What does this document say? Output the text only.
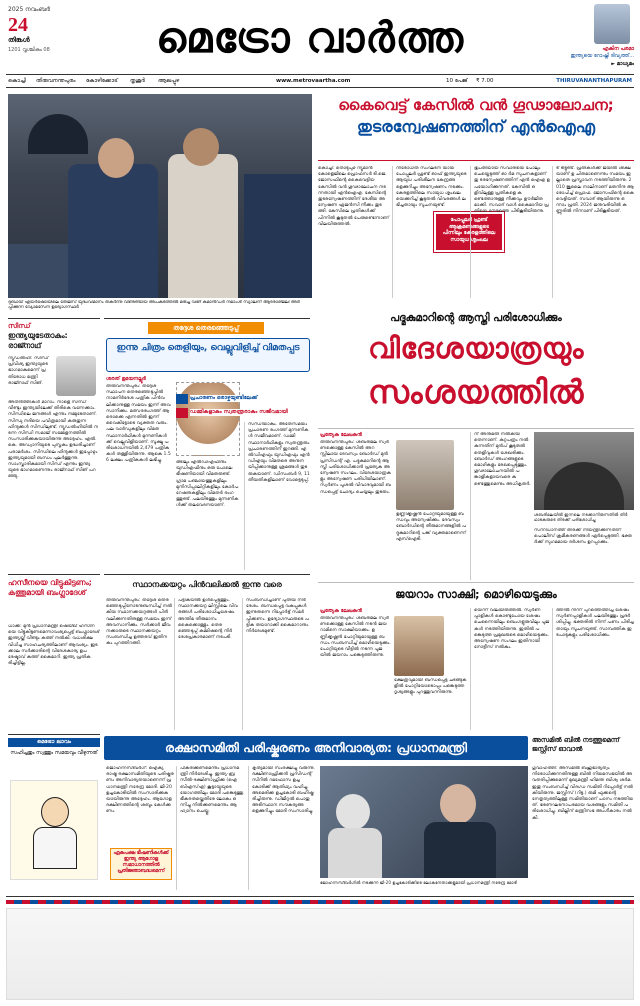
2025 നവംബർ
24
തിങ്കൾ
1201 വൃശ്ചികം 08	മെട്രോ വാർത്ത	എകിന പരമാ
ഇന്ത്യയെ റോഷ്നി ദിവ്യത്ത്...
► മാധ്യമം
കൊച്ചി തിരുവനന്തപുരം കോഴിക്കോട് തൃശൂർ ആലപ്പുഴ	www.metrovaartha.com	10 പേജ് ₹ 7.00	THIRUVANANTHAPURAM
ദുബായ് എയർഷോയിലെ തേജസ് യുദ്ധവിമാനം തകർന്നു വീണുണ്ടായ അപകടത്തിൽ മരിച്ച വിങ് കമാൻഡർ നമാംശ് സ്യാലിന് ആദരാഞ്ജലി അർപ്പിക്കുന്ന വ്യോമസേന ഉദ്യോഗസ്ഥർ
കൈവെട്ട് കേസിൽ വൻ ഗൂഢാലോചന;
തുടരന്വേഷണത്തിന് എൻഐഎ
കൊച്ചി: തൊടുപുഴ ന്യൂമാൻ കോളെജിലെ പ്രൊഫസർ ടി.ജെ. ജോസഫിന്റെ കൈവെട്ടിയ കേസിൽ വൻ ഗൂഢാലോചന നടന്നതായി എൻഐഎ. കേസിന്റെ തുടരന്വേഷണത്തിന് ദേശീയ അന്വേഷണ ഏജൻസി നീക്കം തുടങ്ങി. കേസിലെ പ്രതികൾക്ക് പിന്നിൽ കൂടുതൽ പേരുണ്ടെന്നാണ് വിലയിരുത്തൽ.
നിരോധിത സംഘടന യായ പോപ്പുലർ ഫ്രണ്ട് ഓഫ് ഇന്ത്യയുടെ ആയുധ പരിശീലന കേന്ദ്രങ്ങളെക്കുറിച്ചും അന്വേഷണം നടക്കും. കേരളത്തിലെ സായുധ ശൃംഖലയെക്കുറിച്ച് കൂടുതൽ വിവരങ്ങൾ ലഭിച്ചതായും സൂചനയുണ്ട്.
പോപ്പുലർ ഫ്രണ്ട് ആക്രമണങ്ങളുടെ പിന്നിലും കേരളത്തിലെ സായുധ ശൃംഖല
ഭൂപതിയായ സവാരിയെ പോലും ചെയ്തെടുത്ത് ഓ ർമ സുചനകളാണ് തു ടരന്വേഷണത്തിന് എൻ ഐഎ ഉപയോഗിക്കുന്നത്. കേസിൽ ഒളിവിലുള്ള പ്രതികളെ കണ്ടെത്താനുള്ള നീക്കവും ഊർജിതമാക്കി. സവാദ് വാൾ കൈമാറിയ പ്രതിയെ നേരത്തെ പിടികൂടിയിരുന്നു.
ട് ടിട്ടുണ്ട്. പ്രതികൾക്ക് ജയിൽ ശിക്ഷയാണ് ഉ ചിതമാണെന്നും സമയം ഇല്ലാതെ പ്രസ്താവന നടത്തിയിരുന്നു. 2010 ജൂലൈ നാലിനാണ് മതനിന്ദ ആരോപിച്ച് പ്രൊഫ. ജോസഫിന്റെ കൈ വെട്ടിയത്. സവാദ് ആയിരുന്നു ഒന്നാം പ്രതി. 2024 ജനുവരിയിൽ കണ്ണൂരിൽ നിന്നാണ് പിടികൂടിയത്.
സിന്ധ്
ഇന്ത്യയുടേതാകും: രാജ്നാഥ്
ന്യൂഡൽഹി: സിന്ധ് പ്രവിശ്യ ഇന്ത്യയുടെ ഭാഗമാകുമെന്ന് പ്രതിരോധ മന്ത്രി രാജ്നാഥ് സിങ്.
അതിർത്തികൾ മാറാം. നാളെ സിന്ധ് വീണ്ടും ഇന്ത്യയിലേക്ക് തിരികെ വന്നേക്കാം. സിന്ധിലെ ജനങ്ങൾ എന്നും നമ്മുടേതാണ്. സിന്ധു നദിയെ പവിത്രമായി കരുതുന്ന ഹിന്ദുക്കൾ സിന്ധിലുണ്ട്. ന്യൂഡൽഹിയിൽ നടന്ന സിന്ധി സമാജ് സമ്മേളനത്തിൽ സംസാരിക്കുകയായിരുന്നു അദ്ദേഹം. എൽ.കെ. അഡ്വാനിയുടെ പുസ്തകം ഉദ്ധരിച്ചാണ് പരാമർശം. സിന്ധിലെ ഹിന്ദുക്കൾ ഇപ്പോഴും ഇന്ത്യയുമായി ബന്ധം പുലർത്തുന്നു. സാംസ്കാരികമായി സിന്ധ് എന്നും ഇന്ത്യയുടെ ഭാഗമാണെന്നും രാജ്നാഥ് സിങ് പറഞ്ഞു.
ഹസീനയെ വിട്ടുകിട്ടണം; കത്തുമായി ബംഗ്ലാദേശ്
ധാക്ക: മുൻ പ്രധാനമന്ത്രി ഷെയ്ഖ് ഹസീനയെ വിട്ടുകിട്ടണമെന്നാവശ്യപ്പെട്ട് ബംഗ്ലാദേശ് ഇന്ത്യയ്ക്ക് വീണ്ടും കത്ത് നൽകി. വധശിക്ഷ വിധിച്ച സാഹചര്യത്തിലാണ് ആവശ്യം. ഇടക്കാല സർക്കാരിന്റെ വിദേശകാര്യ ഉപദേഷ്ടാവ് കത്ത് കൈമാറി. ഇന്ത്യ പ്രതികരിച്ചിട്ടില്ല.
മെട്രോ ലാവം
സഹിച്ചതും സ്വത്തും സമയവും വീഴുന്നത്
തദ്ദേശ തെരഞ്ഞെടുപ്പ്
ഇന്നു ചിത്രം തെളിയും, വെല്ലുവിളിച്ച് വിമതപ്പട
ശരത് ഉമയനല്ലൂർ
തിരുവനന്തപുരം: തദ്ദേശ സ്ഥാപന തെരഞ്ഞെടുപ്പിൽ നാമനിർദേശ പത്രിക പിൻവലിക്കാനുള്ള സമയം ഇന്ന് അവസാനിക്കും. മത്സരരംഗത്ത് ആരൊക്കെ എന്നതിൽ ഇന്ന് വൈകിട്ടോടെ വ്യക്തത വരും. പല വാർഡുകളിലും വിമത സ്ഥാനാർഥികൾ മുന്നണികൾക്ക് വെല്ലുവിളിയാണ്. സൂക്ഷ്മ പരിശോധനയിൽ 2,479 പത്രികകൾ തള്ളിയിരുന്നു. ആകെ 1.56 ലക്ഷം പത്രികകൾ ലഭിച്ചു.
പ്രചാരണം ഒരാഴ്ചയുണ്ടിലേക്ക്
ഡമ്മികളാകും സ്വതന്ത്രരാകും സജീവമായി
സന്ധിയാകും. അതേസമയം പ്രചാരണ രംഗത്ത് മുന്നണികൾ സജീവമാണ്. ഡമ്മി സ്ഥാനാർഥികളും സ്വതന്ത്രരും പ്രചാരണത്തിന് ഇറങ്ങി. എൽഡിഎഫും യുഡിഎഫും എൻഡിഎയും വിമതരെ അനുനയിപ്പിക്കാനുള്ള ശ്രമങ്ങൾ തുടരുകയാണ്. ഡിസംബർ 9, 11 തീയതികളിലാണ് വോട്ടെടുപ്പ്.
ങ്ങിലും എൽഡിഎഫിനും യുഡിഎഫിനും ഒരു പോലെ ഭീഷണിയായി വിമതരുണ്ട്. ഗ്രാമ പഞ്ചായത്തുകളിലും മുനിസിപ്പാലിറ്റികളിലും കോർപറേഷനുകളിലും വിമതർ രംഗത്തുണ്ട്. പലയിടത്തും മുന്നണികൾക്ക് തലവേദനയാണ്.
സ്ഥാനക്കയറ്റം പിൻവലിക്കൽ ഇന്നു വരെ
തിരുവനന്തപുരം: തദ്ദേശ തെരഞ്ഞെടുപ്പിനോടനുബന്ധിച്ച് നൽകിയ സ്ഥാനക്കയറ്റങ്ങൾ പിൻവലിക്കുന്നതിനുള്ള സമയം ഇന്ന് അവസാനിക്കും. സർക്കാർ ജീവനക്കാരുടെ സ്ഥാനക്കയറ്റം സംബന്ധിച്ച ഉത്തരവ് ഇതിനകം പുറത്തിറങ്ങി.
പട്ടികയിൽ ഉൾപ്പെടുത്തും. സ്ഥാനക്കയറ്റ ലിസ്റ്റിലെ വിവരങ്ങൾ പരിശോധിച്ചശേഷം അന്തിമ തീരുമാനം കൈക്കൊള്ളും. തെരഞ്ഞെടുപ്പ് കമ്മിഷന്റെ നിർദേശപ്രകാരമാണ് നടപടി.
സംബന്ധിച്ചാണ് പുതിയ നിർദേശം. ബന്ധപ്പെട്ട വകുപ്പുകൾ ഇന്നുതന്നെ റിപ്പോർട്ട് സമർപ്പിക്കണം. ഉദ്യോഗസ്ഥരുടെ പട്ടിക തയാറാക്കി കൈമാറാനും നിർദേശമുണ്ട്.
പദ്മകുമാറിന്റെ ആസ്തി പരിശോധിക്കും
വിദേശയാത്രയും
സംശയത്തിൽ
പ്രത്യേക ലേഖകൻ
തിരുവനന്തപുരം: ശബരിമല സ്വർണക്കൊള്ള കേസിൽ അറസ്റ്റിലായ ദേവസ്വം ബോർഡ് മുൻ പ്രസിഡന്റ് എ. പദ്മകുമാറിന്റെ ആസ്തി പരിശോധിക്കാൻ പ്രത്യേക അന്വേഷണ സംഘം. വിദേശയാത്രകളും അന്വേഷണ പരിധിയിലാണ്. സ്വർണം പൂശൽ വിവാദവുമായി ബന്ധപ്പെട്ട് ചോദ്യം ചെയ്യലും തുടരും.
ഉണ്ണിക്കൃഷ്ണൻ പോറ്റിയുമായുള്ള ബന്ധവും അന്വേഷിക്കും. ദേവസ്വം ബോർഡിന്റെ തീരുമാനങ്ങളിൽ പദ്മകുമാറിന്റെ പങ്ക് വ്യക്തമാണെന്ന് എസ്ഐടി.
ന് അനുമതി നൽകിയതെന്നാണ്. കുറ്റപത്രം നൽകുന്നതിന് മുൻപ് കൂടുതൽ തെളിവുകൾ ശേഖരിക്കും. ബോർഡ് അംഗങ്ങളുടെ മൊഴികളും രേഖപ്പെടുത്തും. ഗൂഢാലോചനയിൽ പങ്കാളികളായവരെ കണ്ടെത്തുമെന്നും അധികൃതർ.
ശബരിമലയിൽ ഇന്നലെ നടക്കാനിരുന്നതിൽ തീർഥാടകരുടെ തിരക്ക് പരിശോധിച്ചു
സന്നിധാനത്ത് തിരക്ക് നിയന്ത്രിക്കുന്നതിന് പൊലീസ് ക്രമീകരണങ്ങൾ ഏർപ്പെടുത്തി. ഭക്തർക്ക് സുഗമമായ ദർശനം ഉറപ്പാക്കും.
ജയറാം സാക്ഷി; മൊഴിയെടുക്കും
പ്രത്യേക ലേഖകൻ
തിരുവനന്തപുരം: ശബരിമല സ്വർണക്കൊള്ള കേസിൽ നടൻ ജയറാമിനെ സാക്ഷിയാക്കും. ഉണ്ണിക്കൃഷ്ണൻ പോറ്റിയുമായുള്ള ബന്ധം സംബന്ധിച്ച് മൊഴിയെടുക്കും. പോറ്റിയുടെ വീട്ടിൽ നടന്ന പൂജയിൽ ജയറാം പങ്കെടുത്തിരുന്നു.
ക്ഷേത്രവുമായി ബന്ധപ്പെട്ട ചടങ്ങുകളിൽ പോറ്റിയോടൊപ്പം പങ്കെടുത്ത ദൃശ്യങ്ങളും പുറത്തുവന്നിരുന്നു.
യെന്ന് വിലയിരുത്തൽ. സ്വർണപ്പാളികൾ കൊണ്ടുപോയ ശേഷം ചെന്നൈയിലും ബെംഗളൂരുവിലും പൂജകൾ നടത്തിയിരുന്നു. ഇതിൽ പങ്കെടുത്ത പ്രമുഖരുടെ മൊഴിയെടുക്കും. അന്വേഷണ സംഘം ഇതിനായി നോട്ടീസ് നൽകും.
ത്തിൽ നിന്ന് പുറത്തെത്തിച്ച ശേഷം സ്വർണപ്പാളികൾ പലയിടത്തും പ്രദർശിപ്പിച്ചു. ഭക്തരിൽ നിന്ന് പണം പിരിച്ചതായും സൂചനയുണ്ട്. സാമ്പത്തിക ഇടപാടുകളും പരിശോധിക്കും.
രക്ഷാസമിതി പരിഷ്കരണം അനിവാര്യത: പ്രധാനമന്ത്രി
ജൊഹന്നസ്ബർഗ്: ഐക്യരാഷ്ട്ര രക്ഷാസമിതിയുടെ പരിഷ്കരണം അനിവാര്യതയാണെന്ന് പ്രധാനമന്ത്രി നരേന്ദ്ര മോദി. ജി-20 ഉച്ചകോടിയിൽ സംസാരിക്കുകയായിരുന്നു അദ്ദേഹം. ആഗോള ദക്ഷിണത്തിന്റെ ശബ്ദം കേൾക്കണം.
ഏകപക്ഷ ഭീഷണികൾക്ക് ഇന്ത്യ ആഗോള സമാധാനത്തിൽ പ്രതിജ്ഞാബദ്ധമെന്ന്
പീകരിക്കണമെന്നും പ്രധാനമന്ത്രി നിർദേശിച്ചു. ഇന്ത്യ-ബ്രസീൽ-ദക്ഷിണാഫ്രിക്ക (ഐബിഎസ്എ) കൂട്ടായ്മയുടെ യോഗത്തിലും മോദി പങ്കെടുത്തു. ഭീകരതയ്ക്കെതിരേ ലോകം ഒന്നിച്ചു നിൽക്കണമെന്നും ആഹ്വാനം ചെയ്തു.
കൃത്യമായി സംരക്ഷിച്ചു വരുന്നു. ദക്ഷിണാഫ്രിക്കൻ പ്രസിഡന്റ് സിറിൽ റമഫോസ ഉച്ചകോടിക്ക് ആതിഥ്യം വഹിച്ചു. അമെരിക്ക ഉച്ചകോടി ബഹിഷ്കരിച്ചിരുന്നു. ഡിജിറ്റൽ പൊതു അടിസ്ഥാന സൗകര്യങ്ങളെക്കുറിച്ചും മോദി സംസാരിച്ചു.
ജോഹന്നസ്ബർഗിൽ നടക്കുന്ന ജി-20 ഉച്ചകോടിക്കിടെ ലോകനേതാക്കളുമായി പ്രധാനമന്ത്രി നരേന്ദ്ര മോദി
അസമിൽ ബിൽ നടത്തുമെന്ന് ജസ്റ്റിസ് ഓവാൽ
ഗുവാഹത്തി: അസമിൽ ബഹുഭാര്യത്വം നിരോധിക്കുന്നതിനുള്ള ബിൽ നിയമസഭയിൽ അവതരിപ്പിക്കുമെന്ന് മുഖ്യമന്ത്രി ഹിമന്ത ബിശ്വ ശർമ. ഇതു സംബന്ധിച്ച് വിദഗ്ധ സമിതി റിപ്പോർട്ട് നൽകിയിരുന്നു. ജസ്റ്റിസ് (റിട്ട.) രുമി ഫുക്കന്റെ നേതൃത്വത്തിലുള്ള സമിതിയാണ് പഠനം നടത്തിയത്. ഭരണഘടനാപരമായ വശങ്ങളും സമിതി പരിശോധിച്ചു. ബില്ലിന് മന്ത്രിസഭ അംഗീകാരം നൽകി.
